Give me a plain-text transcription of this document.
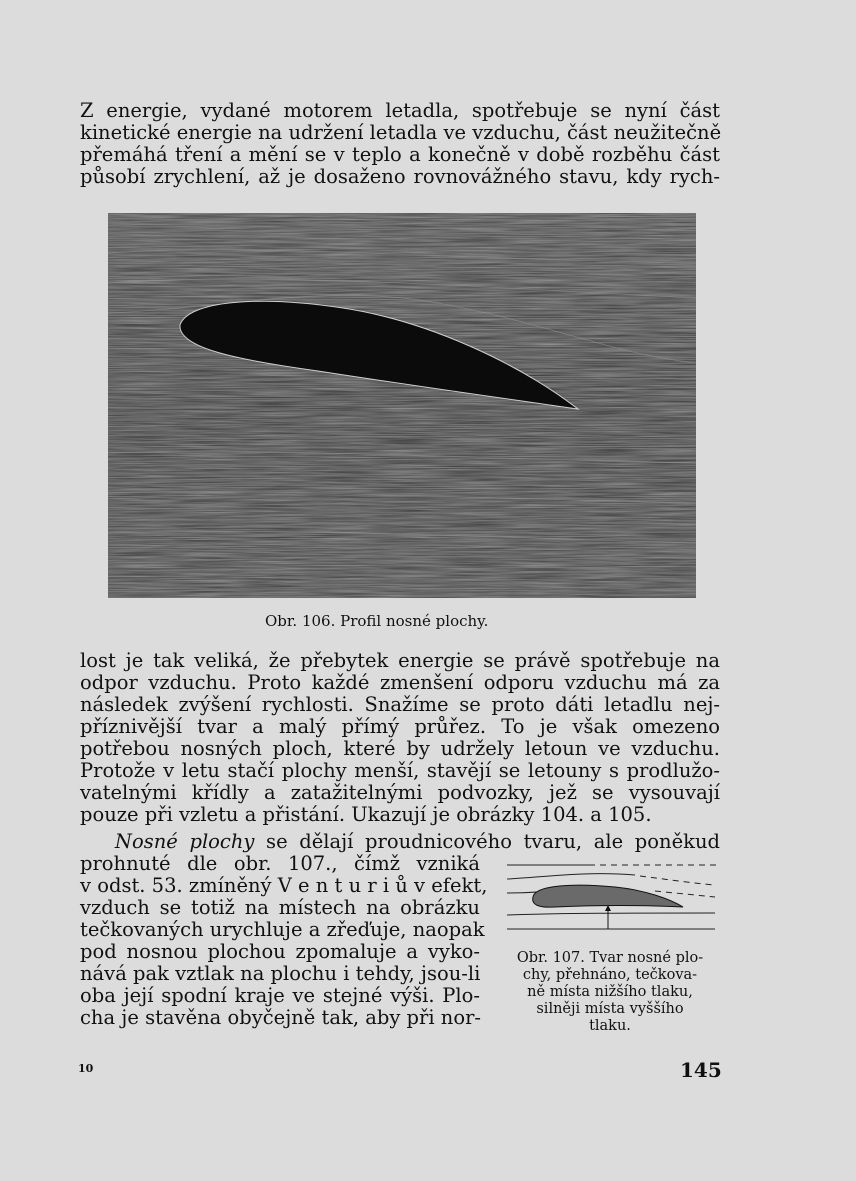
Z energie, vydané motorem letadla, spotřebuje se nyní část
kinetické energie na udržení letadla ve vzduchu, část neužitečně
přemáhá tření a mění se v teplo a konečně v době rozběhu část
působí zrychlení, až je dosaženo rovnovážného stavu, kdy rych-

Obr. 106. Profil nosné plochy.

lost je tak veliká, že přebytek energie se právě spotřebuje na
odpor vzduchu. Proto každé zmenšení odporu vzduchu má za
následek zvýšení rychlosti. Snažíme se proto dáti letadlu nej-
příznivější tvar a malý přímý průřez. To je však omezeno
potřebou nosných ploch, které by udržely letoun ve vzduchu.
Protože v letu stačí plochy menší, stavějí se letouny s prodlužo-
vatelnými křídly a zatažitelnými podvozky, jež se vysouvají
pouze při vzletu a přistání. Ukazují je obrázky 104. a 105.

Nosné plochy se dělají proudnicového tvaru, ale poněkud
prohnuté dle obr. 107., čímž vzniká
v odst. 53. zmíněný V e n t u r i ů v efekt,
vzduch se totiž na místech na obrázku
tečkovaných urychluje a zřeďuje, naopak
pod nosnou plochou zpomaluje a vyko-
nává pak vztlak na plochu i tehdy, jsou-li
oba její spodní kraje ve stejné výši. Plo-
cha je stavěna obyčejně tak, aby při nor-

Obr. 107. Tvar nosné plo-
chy, přehnáno, tečkova-
ně místa nižšího tlaku,
silněji místa vyššího
tlaku.
10	145
